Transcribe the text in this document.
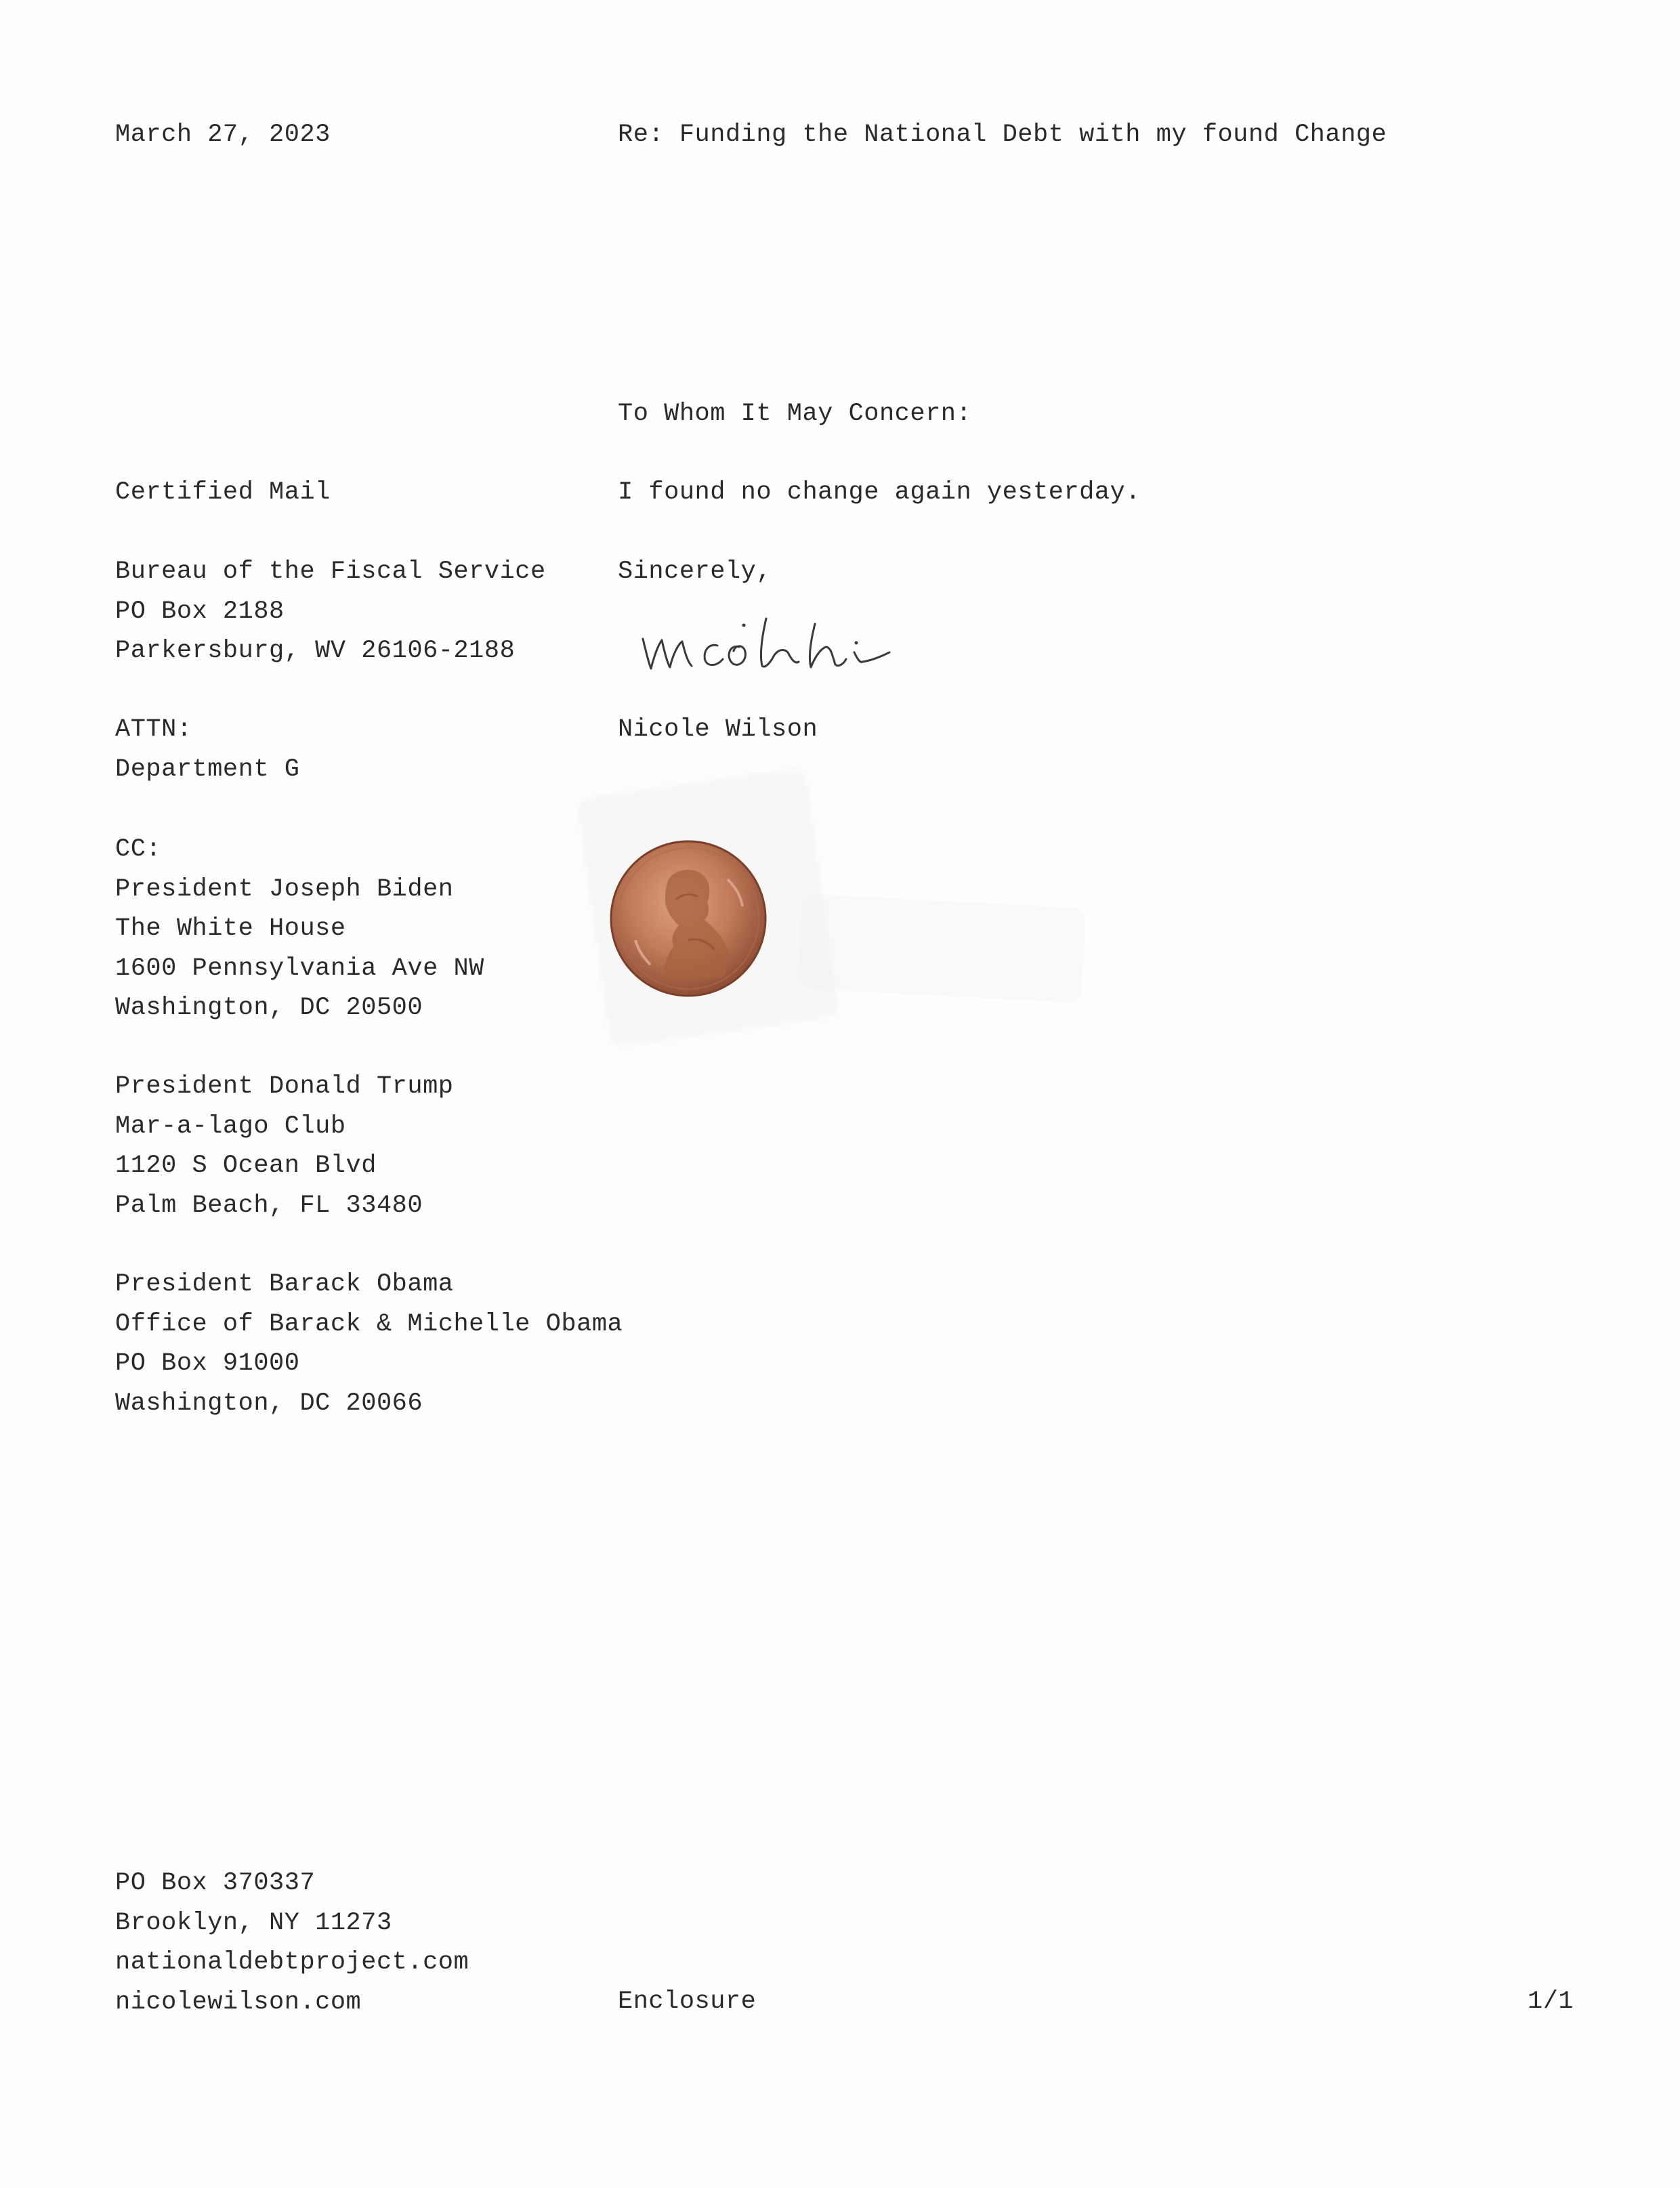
March 27, 2023	Re: Funding the National Debt with my found Change
To Whom It May Concern:
I found no change again yesterday.
Sincerely,
Nicole Wilson
Certified Mail
Bureau of the Fiscal Service
PO Box 2188
Parkersburg, WV 26106-2188
ATTN:
Department G
CC:
President Joseph Biden
The White House
1600 Pennsylvania Ave NW
Washington, DC 20500
President Donald Trump
Mar-a-lago Club
1120 S Ocean Blvd
Palm Beach, FL 33480
President Barack Obama
Office of Barack & Michelle Obama
PO Box 91000
Washington, DC 20066
PO Box 370337
Brooklyn, NY 11273
nationaldebtproject.com
nicolewilson.com	Enclosure	1/1
